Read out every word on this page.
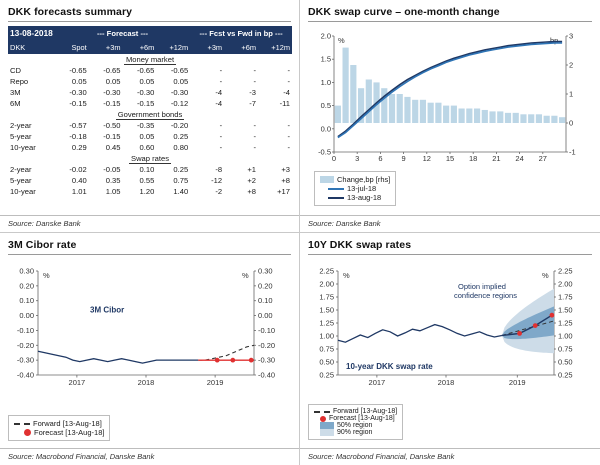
DKK forecasts summary
13-08-2018	--- Forecast ---				--- Fcst vs Fwd in bp ---		
DKK	Spot	+3m	+6m	+12m	+3m	+6m	+12m
Money market							
CD	-0.65	-0.65	-0.65	-0.65	-	-	-
Repo	0.05	0.05	0.05	0.05	-	-	-
3M	-0.30	-0.30	-0.30	-0.30	-4	-3	-4
6M	-0.15	-0.15	-0.15	-0.12	-4	-7	-11
Government bonds							
2-year	-0.57	-0.50	-0.35	-0.20	-	-	-
5-year	-0.18	-0.15	0.05	0.25	-	-	-
10-year	0.29	0.45	0.60	0.80	-	-	-
Swap rates							
2-year	-0.02	-0.05	0.10	0.25	-8	+1	+3
5-year	0.40	0.35	0.55	0.75	-12	+2	+8
10-year	1.01	1.05	1.20	1.40	-2	+8	+17
Source: Danske Bank
DKK swap curve – one-month change
-0.5
0.0
0.5
1.0
1.5
2.0
-1
0
1
2
3
%	bp
0	3	6	9 12 15 18 21 24 27
Change,bp [rhs]
13-jul-18
13-aug-18
Source: Danske Bank
3M Cibor rate
0.30	0.30
0.20	0.20
0.10	0.10
0.00	0.00
-0.10	-0.10
-0.20	-0.20
-0.30	-0.30
-0.40	-0.40
%	%
2017	2018	2019
3M Cibor
Forward [13-Aug-18]
Forecast [13-Aug-18]
Source: Macrobond Financial, Danske Bank
10Y DKK swap rates
2.25	2.25
2.00	2.00
1.75	1.75
1.50	1.50
1.25	1.25
1.00	1.00
0.75	0.75
0.50	0.50
0.25	0.25
%	%
2017	2018	2019
Option implied
confidence regions
10-year DKK swap rate
Forward [13-Aug-18]
Forecast [13-Aug-18]
50% region
90% region
Source: Macrobond Financial, Danske Bank
